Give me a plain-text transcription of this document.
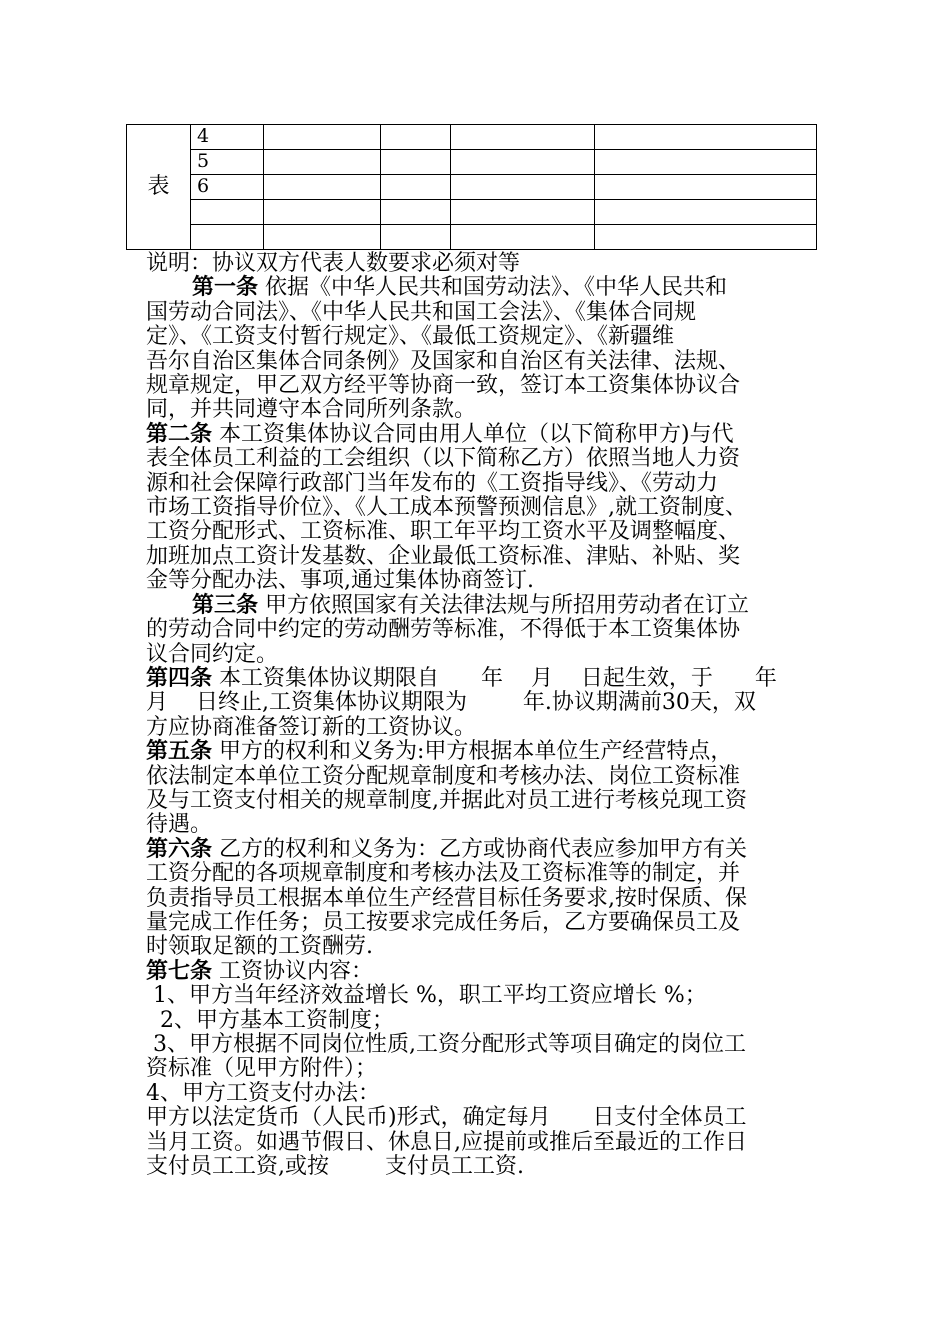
表	4				
	5				
	6				

说明：协议双方代表人数要求必须对等

第一条 依据《中华人民共和国劳动法》、《中华人民共和

国劳动合同法》、《中华人民共和国工会法》、《集体合同规

定》、《工资支付暂行规定》、《最低工资规定》、《新疆维

吾尔自治区集体合同条例》及国家和自治区有关法律、法规、

规章规定，甲乙双方经平等协商一致，签订本工资集体协议合

同，并共同遵守本合同所列条款。

第二条 本工资集体协议合同由用人单位（以下简称甲方)与代

表全体员工利益的工会组织（以下简称乙方）依照当地人力资

源和社会保障行政部门当年发布的《工资指导线》、《劳动力

市场工资指导价位》、《人工成本预警预测信息》,就工资制度、

工资分配形式、工资标准、职工年平均工资水平及调整幅度、

加班加点工资计发基数、企业最低工资标准、津贴、补贴、奖

金等分配办法、事项,通过集体协商签订.

第三条 甲方依照国家有关法律法规与所招用劳动者在订立

的劳动合同中约定的劳动酬劳等标准，不得低于本工资集体协

议合同约定。

第四条 本工资集体协议期限自      年    月    日起生效，于      年

月    日终止,工资集体协议期限为        年.协议期满前30天，双

方应协商准备签订新的工资协议。

第五条 甲方的权利和义务为:甲方根据本单位生产经营特点，

依法制定本单位工资分配规章制度和考核办法、岗位工资标准

及与工资支付相关的规章制度,并据此对员工进行考核兑现工资

待遇。

第六条 乙方的权利和义务为：乙方或协商代表应参加甲方有关

工资分配的各项规章制度和考核办法及工资标准等的制定，并

负责指导员工根据本单位生产经营目标任务要求,按时保质、保

量完成工作任务；员工按要求完成任务后，乙方要确保员工及

时领取足额的工资酬劳.

第七条 工资协议内容：

1、甲方当年经济效益增长 %，职工平均工资应增长 %；

2、甲方基本工资制度；

3、甲方根据不同岗位性质,工资分配形式等项目确定的岗位工

资标准（见甲方附件）；

4、甲方工资支付办法：

甲方以法定货币（人民币)形式，确定每月      日支付全体员工

当月工资。如遇节假日、休息日,应提前或推后至最近的工作日

支付员工工资,或按        支付员工工资.
